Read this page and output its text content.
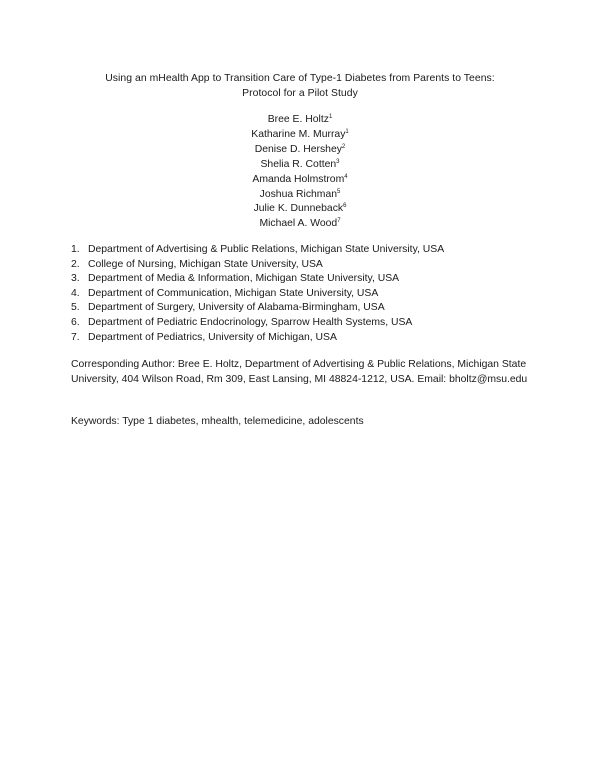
Using an mHealth App to Transition Care of Type-1 Diabetes from Parents to Teens:
Protocol for a Pilot Study
Bree E. Holtz$^1$
Katharine M. Murray$^1$
Denise D. Hershey$^2$
Shelia R. Cotten$^3$
Amanda Holmstrom$^4$
Joshua Richman$^5$
Julie K. Dunneback$^6$
Michael A. Wood$^7$
1. Department of Advertising & Public Relations, Michigan State University, USA
2. College of Nursing, Michigan State University, USA
3. Department of Media & Information, Michigan State University, USA
4. Department of Communication, Michigan State University, USA
5. Department of Surgery, University of Alabama-Birmingham, USA
6. Department of Pediatric Endocrinology, Sparrow Health Systems, USA
7. Department of Pediatrics, University of Michigan, USA

Corresponding Author: Bree E. Holtz, Department of Advertising & Public Relations, Michigan State University, 404 Wilson Road, Rm 309, East Lansing, MI 48824-1212, USA. Email: bholtz@msu.edu

Keywords: Type 1 diabetes, mhealth, telemedicine, adolescents
